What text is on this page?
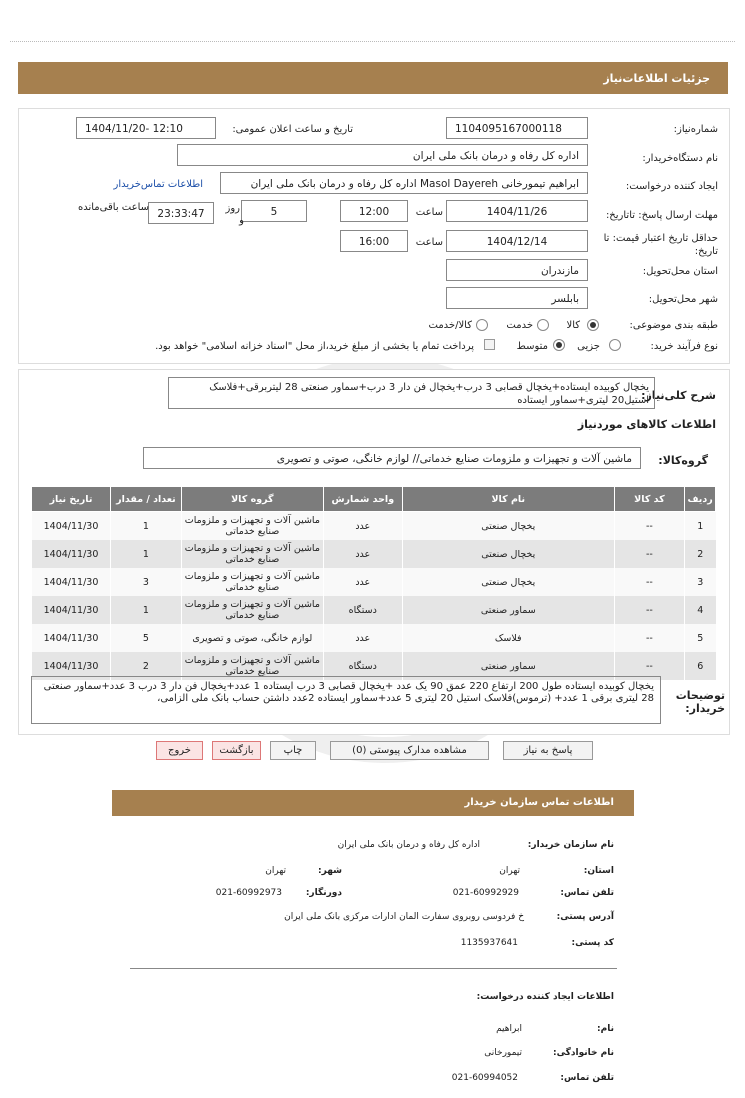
جزئیات اطلاعات‌نیاز
شماره‌نیاز:
1104095167000118
تاریخ و ساعت اعلان عمومی:
1404/11/20- 12:10
نام دستگاه‌خریدار:
اداره کل رفاه و درمان بانک ملی ایران
ایجاد کننده درخواست:
ابراهیم تیمورخانی Masol Dayereh اداره کل رفاه و درمان بانک ملی ایران
اطلاعات تماس‌خریدار
مهلت ارسال پاسخ: تاتاریخ:
1404/11/26
ساعت
12:00
5
روز
و
23:33:47
ساعت باقی‌مانده
حداقل تاریخ اعتبار قیمت: تا تاریخ:
1404/12/14
ساعت
16:00
استان محل‌تحویل:
مازندران
شهر محل‌تحویل:
بابلسر
طبقه بندی موضوعی:
کالا
خدمت
کالا/خدمت
نوع فرآیند خرید:
جزیی
متوسط
پرداخت تمام یا بخشی از مبلغ خرید،از محل "اسناد خزانه اسلامی" خواهد بود.
شرح کلی‌نیاز:
یخچال کوبیده ایستاده+یخچال قصابی 3 درب+یخچال فن دار 3 درب+سماور صنعتی 28 لیتربرقی+فلاسک استیل20 لیتری+سماور ایستاده
اطلاعات کالاهای موردنیاز
گروه‌کالا:
ماشین آلات و تجهیزات و ملزومات صنایع خدماتی// لوازم خانگی، صوتی و تصویری
ردیف	کد کالا	نام کالا	واحد شمارش	گروه کالا	تعداد / مقدار	تاریخ نیاز
1	--	یخچال صنعتی	عدد	ماشین آلات و تجهیزات و ملزومات صنایع خدماتی	1	1404/11/30
2	--	یخچال صنعتی	عدد	ماشین آلات و تجهیزات و ملزومات صنایع خدماتی	1	1404/11/30
3	--	یخچال صنعتی	عدد	ماشین آلات و تجهیزات و ملزومات صنایع خدماتی	3	1404/11/30
4	--	سماور صنعتی	دستگاه	ماشین آلات و تجهیزات و ملزومات صنایع خدماتی	1	1404/11/30
5	--	فلاسک	عدد	لوازم خانگی، صوتی و تصویری	5	1404/11/30
6	--	سماور صنعتی	دستگاه	ماشین آلات و تجهیزات و ملزومات صنایع خدماتی	2	1404/11/30
توضیحات خریدار:
یخچال کوبیده ایستاده طول 200 ارتفاع 220 عمق 90 یک عدد +یخچال قصابی 3 درب ایستاده 1 عدد+یخچال فن دار 3 درب 3 عدد+سماور صنعتی 28 لیتری برقی 1 عدد+ (ترموس)فلاسک استیل 20 لیتری 5 عدد+سماور ایستاده 2عدد داشتن حساب بانک ملی الزامی،
پاسخ به نیاز
مشاهده مدارک پیوستی (0)
چاپ
بازگشت
خروج
اطلاعات تماس سازمان خریدار
نام سازمان خریدار:
اداره کل رفاه و درمان بانک ملی ایران
استان:
تهران
شهر:
تهران
تلفن تماس:
021-60992929
دورنگار:
021-60992973
آدرس پستی:
خ فردوسی روبروی سفارت المان ادارات مرکزی بانک ملی ایران
کد پستی:
1135937641
اطلاعات ایجاد کننده درخواست:
نام:
ابراهیم
نام خانوادگی:
تیمورخانی
تلفن تماس:
021-60994052
